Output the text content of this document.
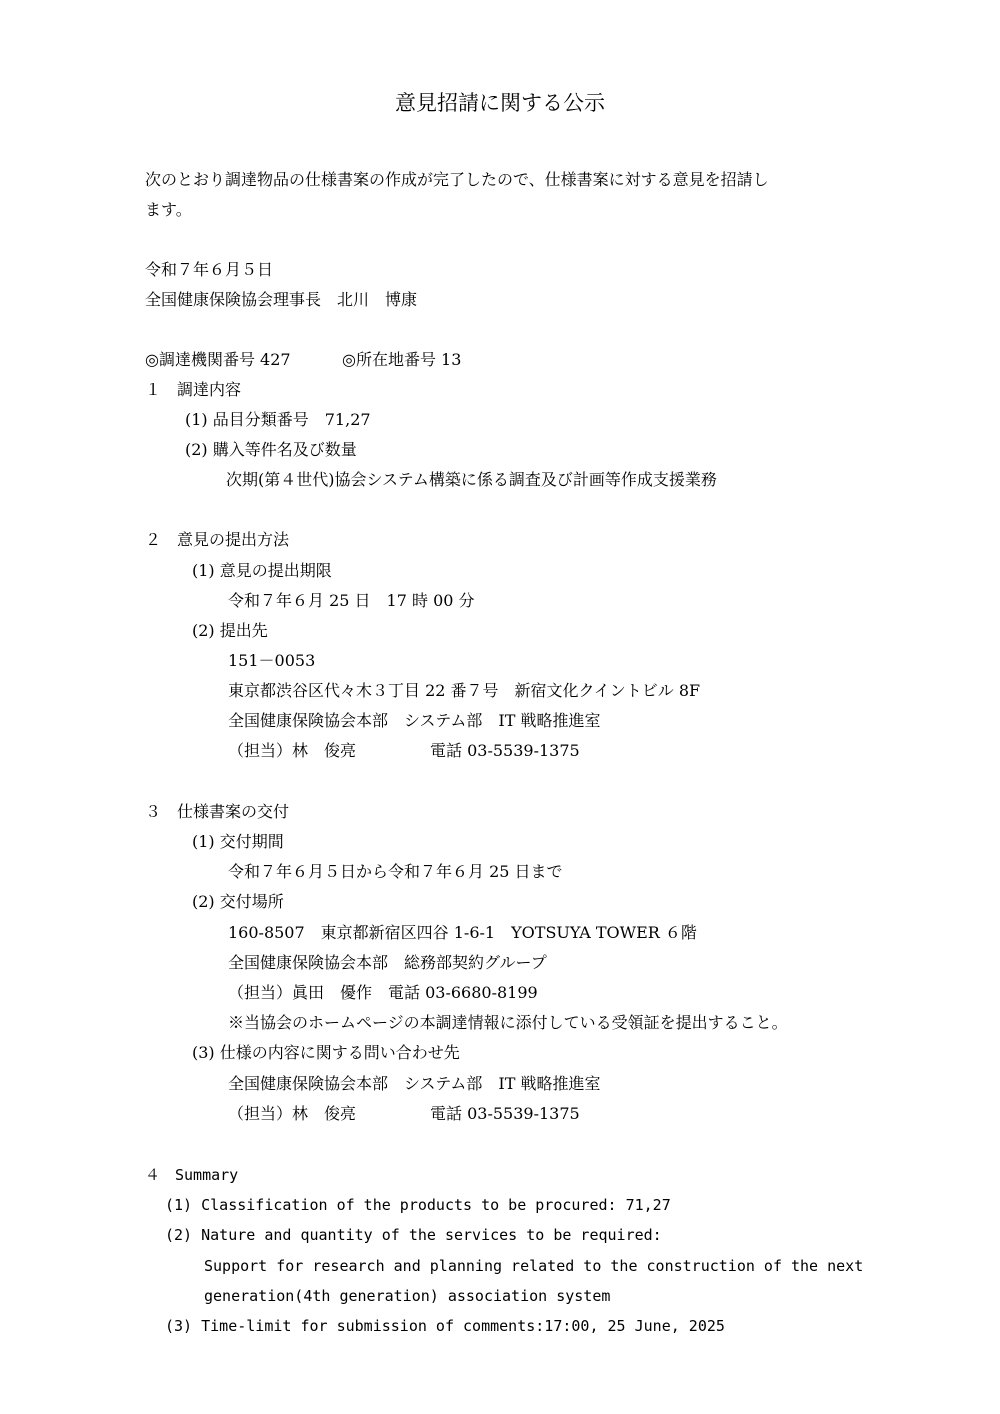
意見招請に関する公示
次のとおり調達物品の仕様書案の作成が完了したので、仕様書案に対する意見を招請し
ます。
令和７年６月５日
全国健康保険協会理事長　北川　博康
◎調達機関番号 427	◎所在地番号 13
１　調達内容
(1) 品目分類番号　71,27
(2) 購入等件名及び数量
次期(第４世代)協会システム構築に係る調査及び計画等作成支援業務
２　意見の提出方法
(1) 意見の提出期限
令和７年６月 25 日　17 時 00 分
(2) 提出先
151－0053
東京都渋谷区代々木３丁目 22 番７号　新宿文化クイントビル 8F
全国健康保険協会本部　システム部　IT 戦略推進室
（担当）林　俊亮	電話 03-5539-1375
３　仕様書案の交付
(1) 交付期間
令和７年６月５日から令和７年６月 25 日まで
(2) 交付場所
160-8507　東京都新宿区四谷 1-6-1　YOTSUYA TOWER ６階
全国健康保険協会本部　総務部契約グループ
（担当）眞田　優作　電話 03-6680-8199
※当協会のホームページの本調達情報に添付している受領証を提出すること。
(3) 仕様の内容に関する問い合わせ先
全国健康保険協会本部　システム部　IT 戦略推進室
（担当）林　俊亮	電話 03-5539-1375
４　Summary
(1) Classification of the products to be procured: 71,27
(2) Nature and quantity of the services to be required:
Support for research and planning related to the construction of the next
generation(4th generation) association system
(3) Time-limit for submission of comments:17:00, 25 June, 2025
